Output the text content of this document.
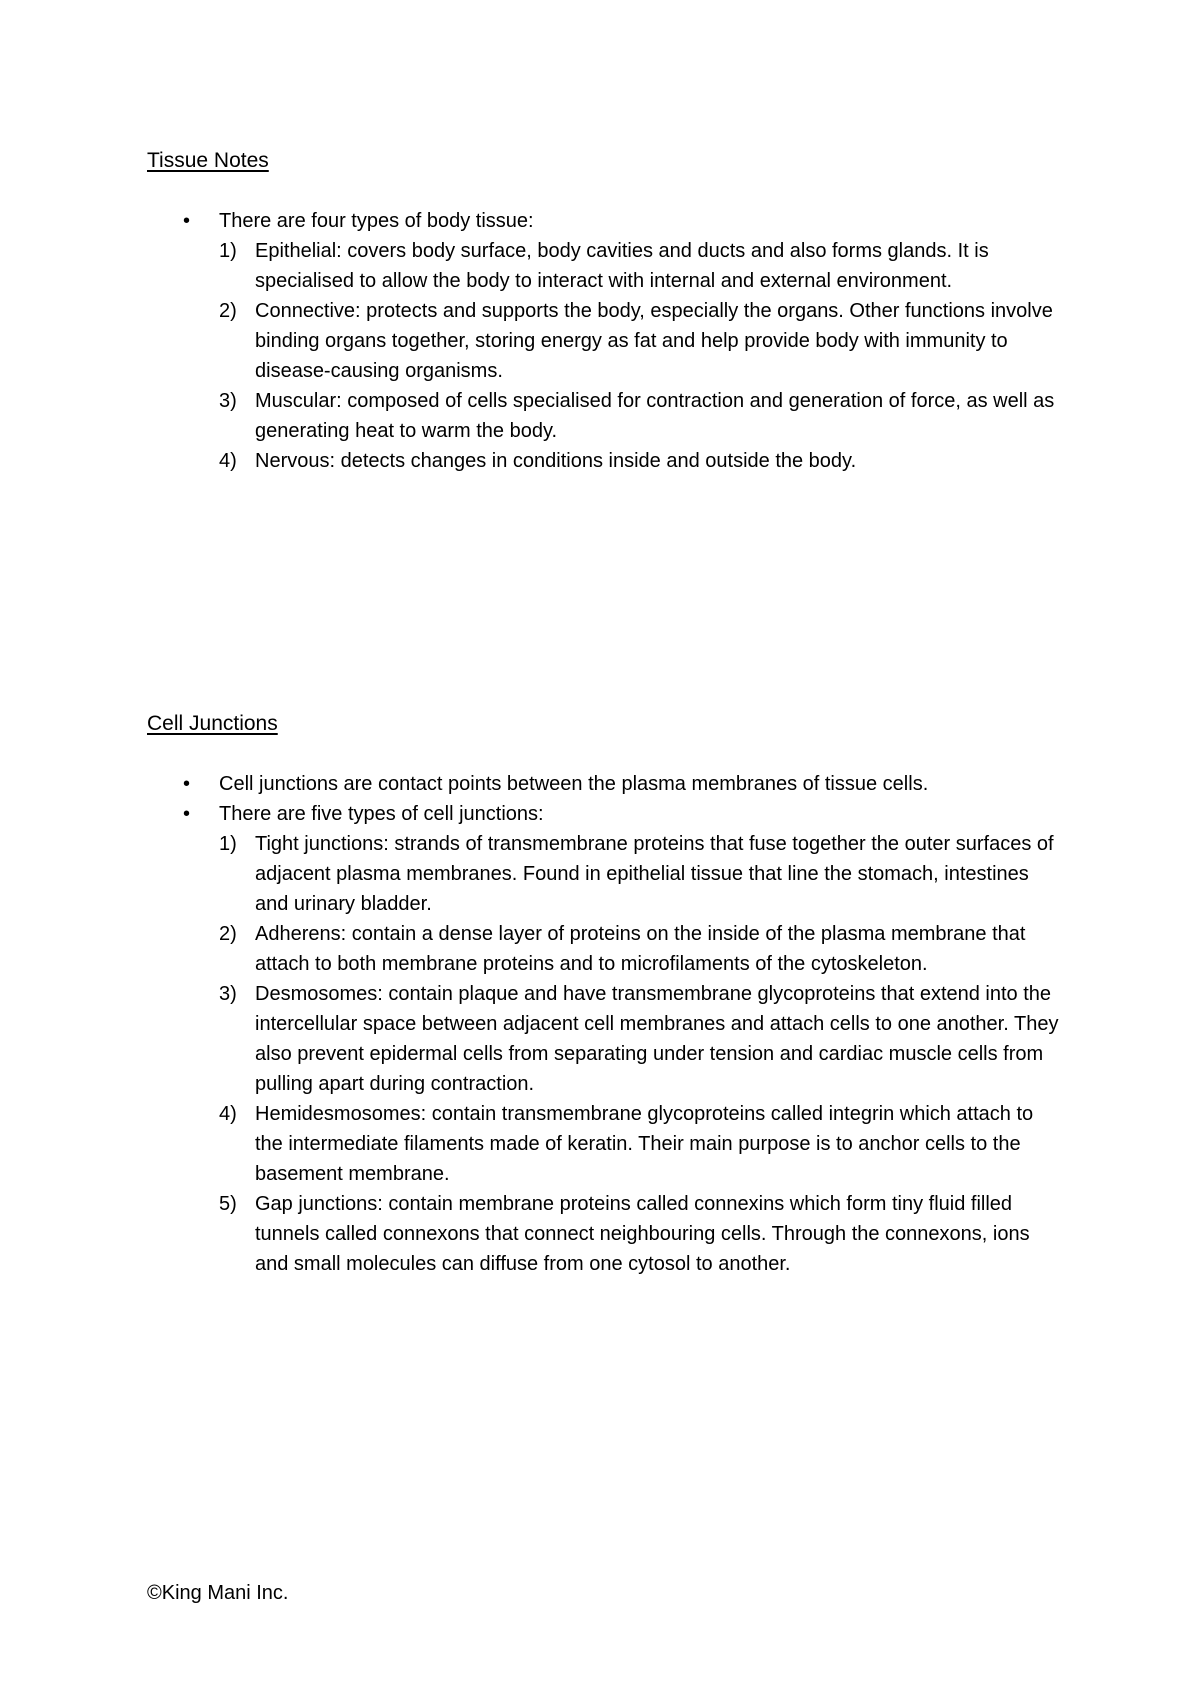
Tissue Notes
• There are four types of body tissue:
1) Epithelial: covers body surface, body cavities and ducts and also forms glands. It is specialised to allow the body to interact with internal and external environment.
2) Connective: protects and supports the body, especially the organs. Other functions involve binding organs together, storing energy as fat and help provide body with immunity to disease-causing organisms.
3) Muscular: composed of cells specialised for contraction and generation of force, as well as generating heat to warm the body.
4) Nervous: detects changes in conditions inside and outside the body.
Cell Junctions
• Cell junctions are contact points between the plasma membranes of tissue cells.
• There are five types of cell junctions:
1) Tight junctions: strands of transmembrane proteins that fuse together the outer surfaces of adjacent plasma membranes. Found in epithelial tissue that line the stomach, intestines and urinary bladder.
2) Adherens: contain a dense layer of proteins on the inside of the plasma membrane that attach to both membrane proteins and to microfilaments of the cytoskeleton.
3) Desmosomes: contain plaque and have transmembrane glycoproteins that extend into the intercellular space between adjacent cell membranes and attach cells to one another. They also prevent epidermal cells from separating under tension and cardiac muscle cells from pulling apart during contraction.
4) Hemidesmosomes: contain transmembrane glycoproteins called integrin which attach to the intermediate filaments made of keratin. Their main purpose is to anchor cells to the basement membrane.
5) Gap junctions: contain membrane proteins called connexins which form tiny fluid filled tunnels called connexons that connect neighbouring cells. Through the connexons, ions and small molecules can diffuse from one cytosol to another.
©King Mani Inc.
